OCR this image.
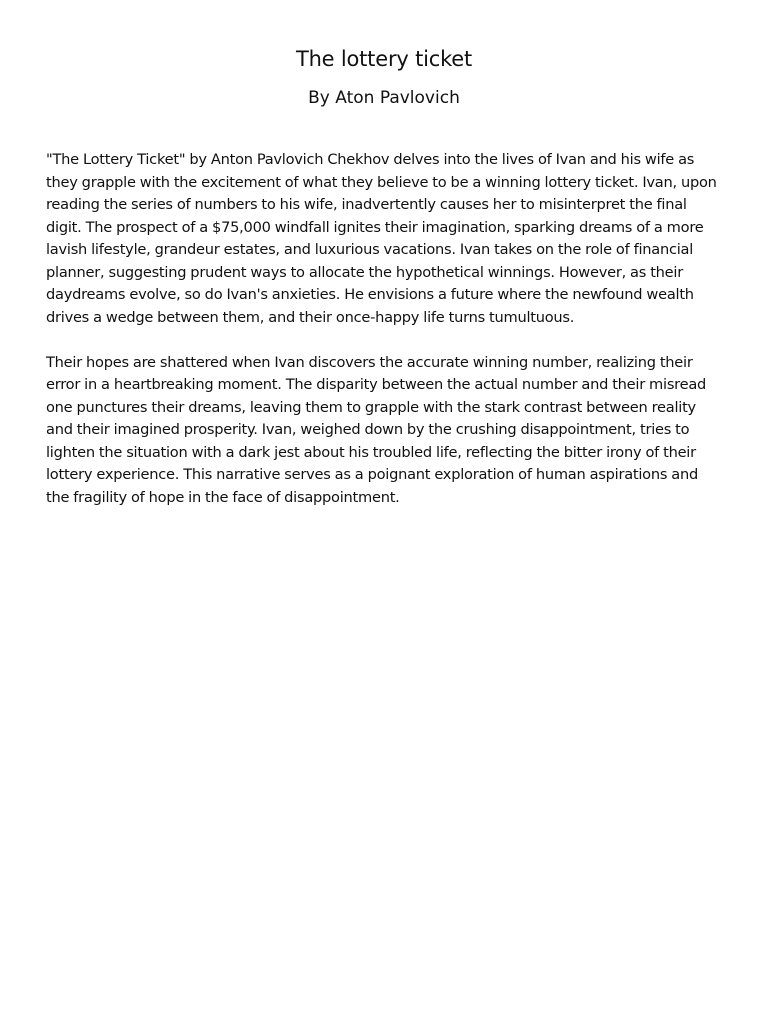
The lottery ticket
By Aton Pavlovich

"The Lottery Ticket" by Anton Pavlovich Chekhov delves into the lives of Ivan and his wife as they grapple with the excitement of what they believe to be a winning lottery ticket. Ivan, upon reading the series of numbers to his wife, inadvertently causes her to misinterpret the final digit. The prospect of a $75,000 windfall ignites their imagination, sparking dreams of a more lavish lifestyle, grandeur estates, and luxurious vacations. Ivan takes on the role of financial planner, suggesting prudent ways to allocate the hypothetical winnings. However, as their daydreams evolve, so do Ivan's anxieties. He envisions a future where the newfound wealth drives a wedge between them, and their once-happy life turns tumultuous.

Their hopes are shattered when Ivan discovers the accurate winning number, realizing their error in a heartbreaking moment. The disparity between the actual number and their misread one punctures their dreams, leaving them to grapple with the stark contrast between reality and their imagined prosperity. Ivan, weighed down by the crushing disappointment, tries to lighten the situation with a dark jest about his troubled life, reflecting the bitter irony of their lottery experience. This narrative serves as a poignant exploration of human aspirations and the fragility of hope in the face of disappointment.
